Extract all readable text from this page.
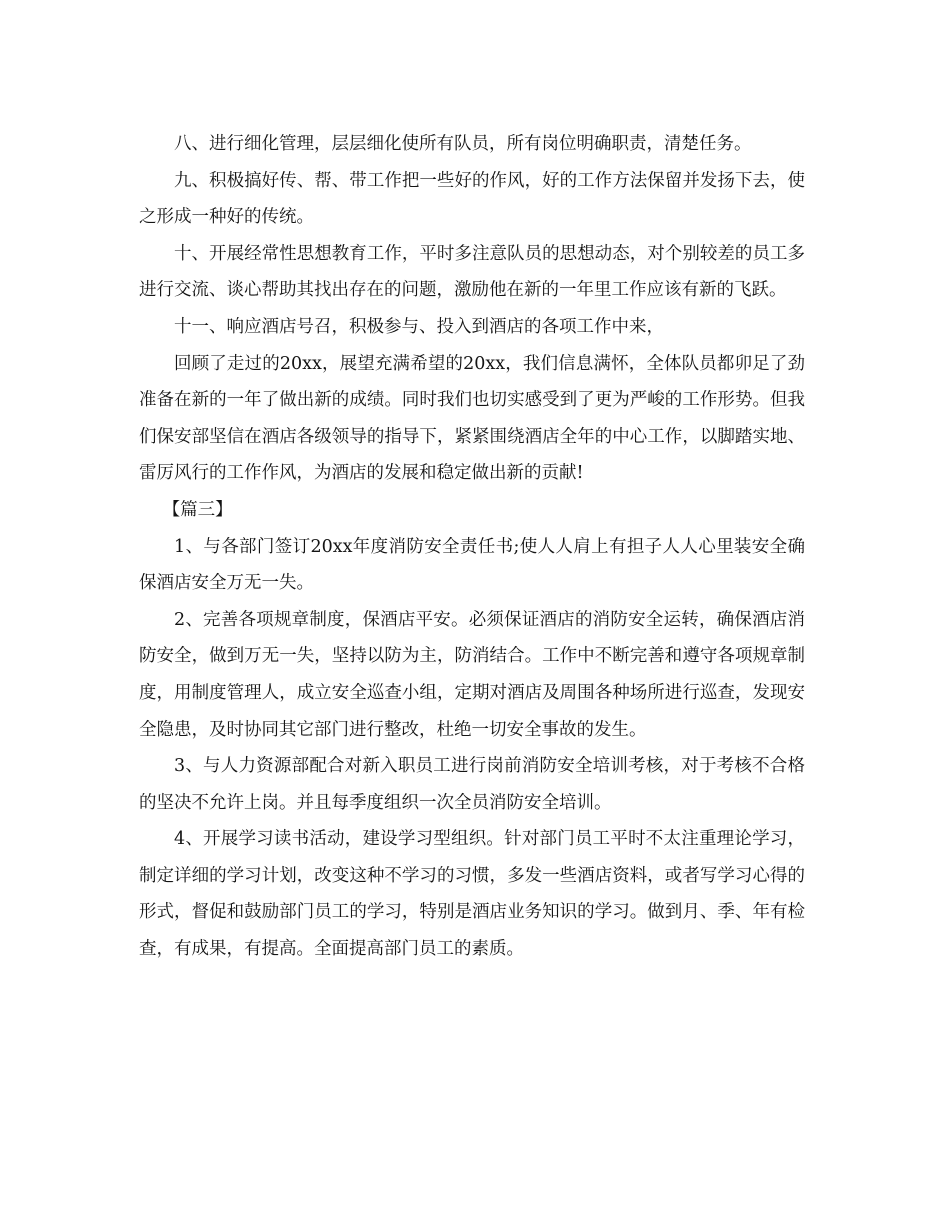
八、进行细化管理，层层细化使所有队员，所有岗位明确职责，清楚任务。

九、积极搞好传、帮、带工作把一些好的作风，好的工作方法保留并发扬下去，使之形成一种好的传统。

十、开展经常性思想教育工作，平时多注意队员的思想动态，对个别较差的员工多进行交流、谈心帮助其找出存在的问题，激励他在新的一年里工作应该有新的飞跃。

十一、响应酒店号召，积极参与、投入到酒店的各项工作中来，

回顾了走过的20xx，展望充满希望的20xx，我们信息满怀，全体队员都卯足了劲准备在新的一年了做出新的成绩。同时我们也切实感受到了更为严峻的工作形势。但我们保安部坚信在酒店各级领导的指导下，紧紧围绕酒店全年的中心工作，以脚踏实地、雷厉风行的工作作风，为酒店的发展和稳定做出新的贡献!

【篇三】

1、与各部门签订20xx年度消防安全责任书;使人人肩上有担子人人心里装安全确保酒店安全万无一失。

2、完善各项规章制度，保酒店平安。必须保证酒店的消防安全运转，确保酒店消防安全，做到万无一失，坚持以防为主，防消结合。工作中不断完善和遵守各项规章制度，用制度管理人，成立安全巡查小组，定期对酒店及周围各种场所进行巡查，发现安全隐患，及时协同其它部门进行整改，杜绝一切安全事故的发生。

3、与人力资源部配合对新入职员工进行岗前消防安全培训考核，对于考核不合格的坚决不允许上岗。并且每季度组织一次全员消防安全培训。

4、开展学习读书活动，建设学习型组织。针对部门员工平时不太注重理论学习，制定详细的学习计划，改变这种不学习的习惯，多发一些酒店资料，或者写学习心得的形式，督促和鼓励部门员工的学习，特别是酒店业务知识的学习。做到月、季、年有检查，有成果，有提高。全面提高部门员工的素质。
